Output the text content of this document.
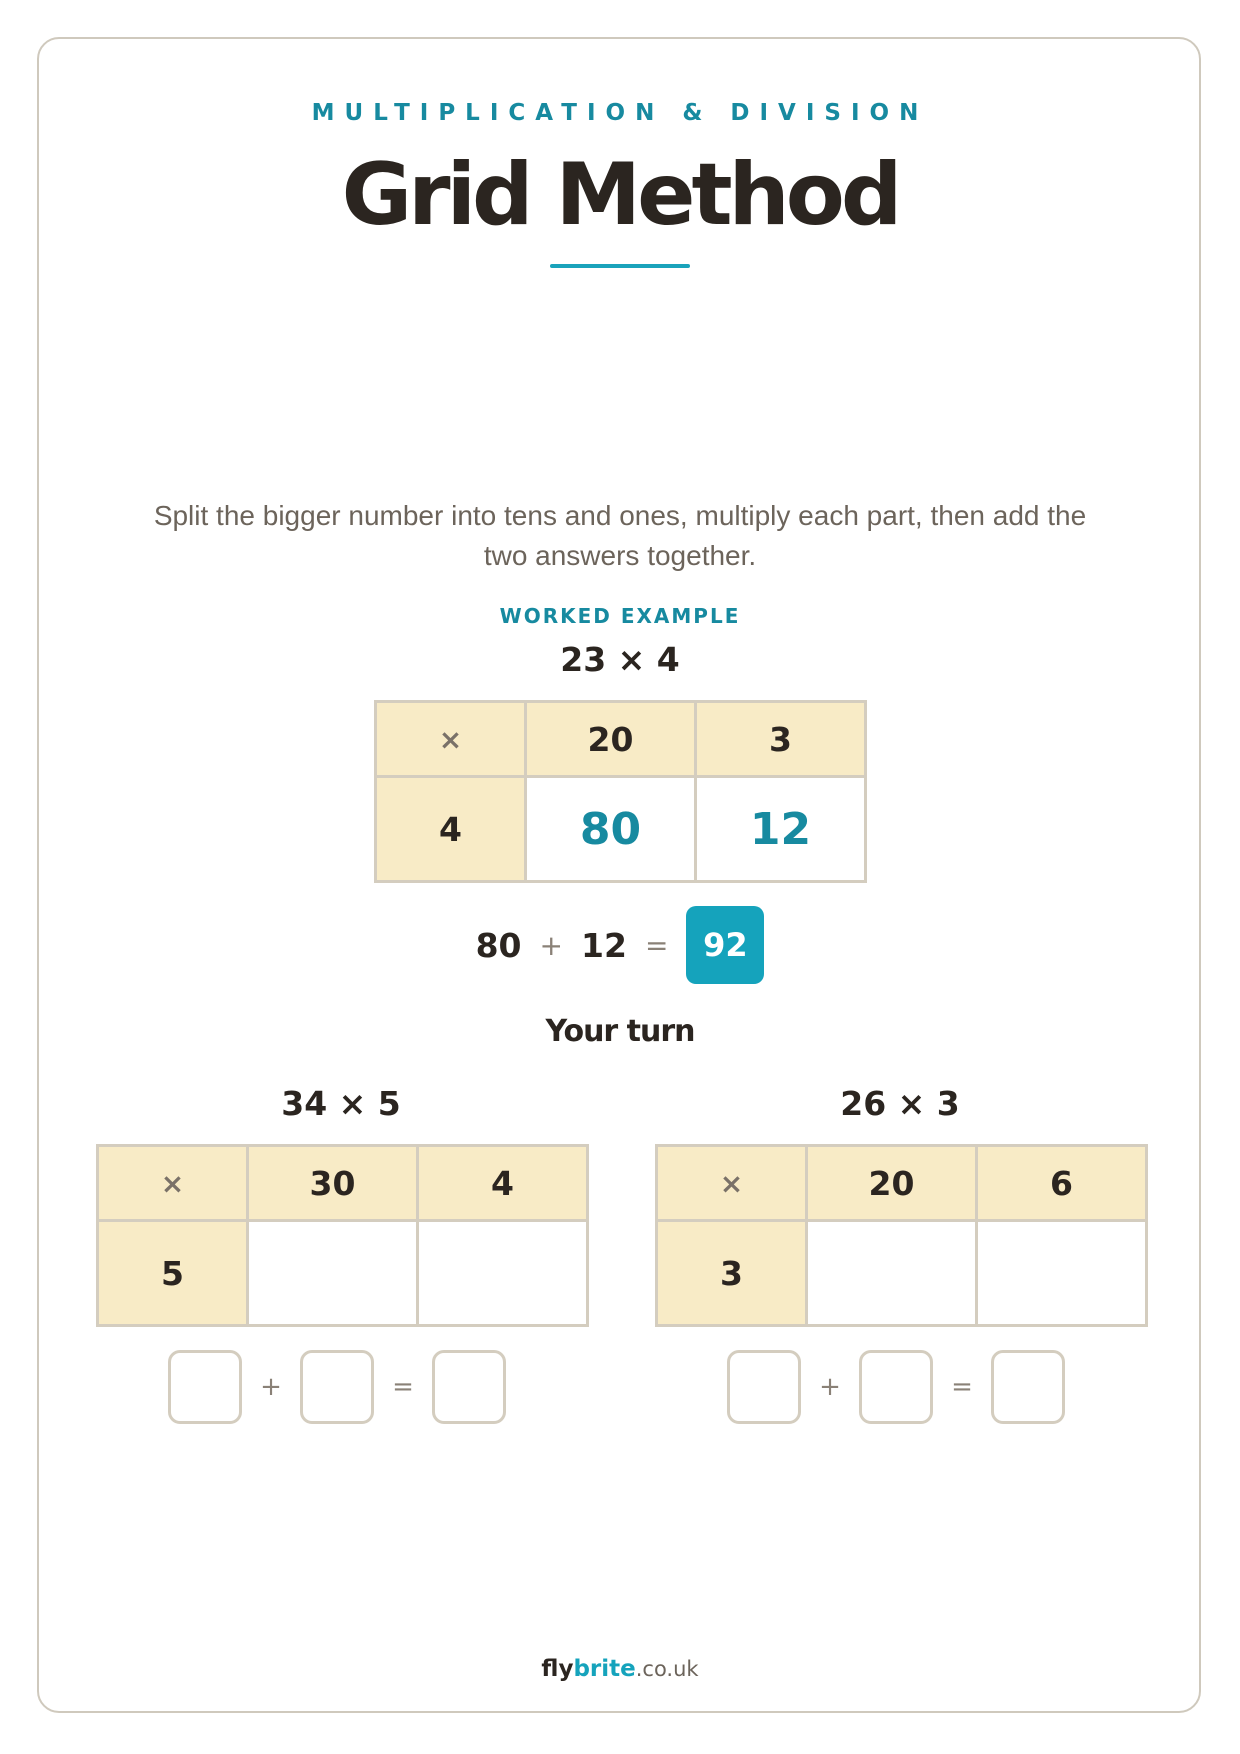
MULTIPLICATION & DIVISION
Grid Method
Split the bigger number into tens and ones, multiply each part, then add the two answers together.
WORKED EXAMPLE
23 × 4
×	20	3
4	80	12
80 + 12 =	92
Your turn
34 × 5
×	30	4
5		
+	=
26 × 3
×	20	6
3		
+	=
flybrite.co.uk
